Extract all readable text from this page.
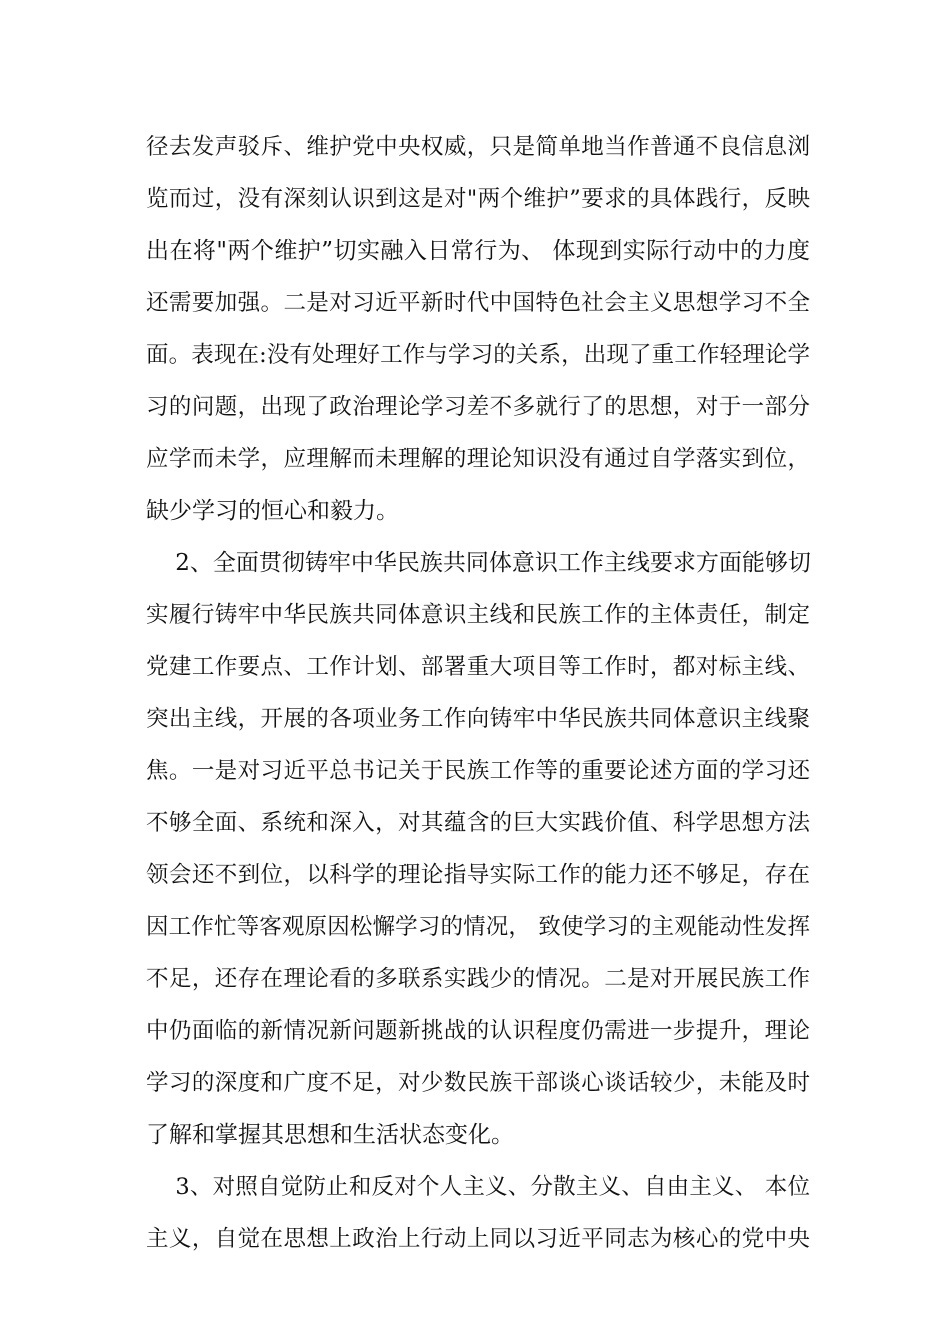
径去发声驳斥、维护党中央权威，只是简单地当作普通不良信息浏
览而过，没有深刻认识到这是对"两个维护”要求的具体践行，反映
出在将"两个维护”切实融入日常行为、 体现到实际行动中的力度
还需要加强。二是对习近平新时代中国特色社会主义思想学习不全
面。表现在:没有处理好工作与学习的关系，出现了重工作轻理论学
习的问题，出现了政治理论学习差不多就行了的思想，对于一部分
应学而未学，应理解而未理解的理论知识没有通过自学落实到位，
缺少学习的恒心和毅力。
2、全面贯彻铸牢中华民族共同体意识工作主线要求方面能够切
实履行铸牢中华民族共同体意识主线和民族工作的主体责任，制定
党建工作要点、工作计划、部署重大项目等工作时，都对标主线、
突出主线，开展的各项业务工作向铸牢中华民族共同体意识主线聚
焦。一是对习近平总书记关于民族工作等的重要论述方面的学习还
不够全面、系统和深入，对其蕴含的巨大实践价值、科学思想方法
领会还不到位，以科学的理论指导实际工作的能力还不够足，存在
因工作忙等客观原因松懈学习的情况， 致使学习的主观能动性发挥
不足，还存在理论看的多联系实践少的情况。二是对开展民族工作
中仍面临的新情况新问题新挑战的认识程度仍需进一步提升，理论
学习的深度和广度不足，对少数民族干部谈心谈话较少，未能及时
了解和掌握其思想和生活状态变化。
3、对照自觉防止和反对个人主义、分散主义、自由主义、 本位
主义，自觉在思想上政治上行动上同以习近平同志为核心的党中央
